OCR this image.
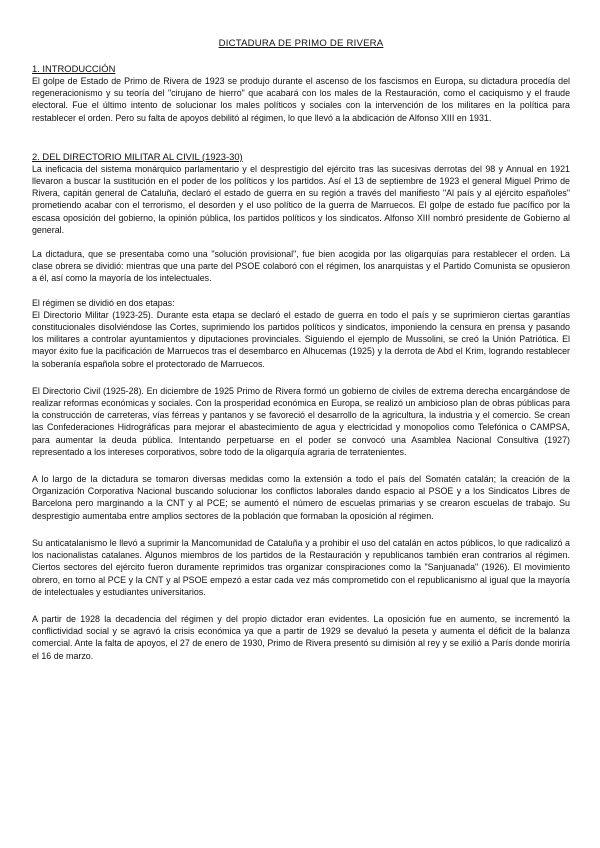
DICTADURA DE PRIMO DE RIVERA
1. INTRODUCCIÓN

El golpe de Estado de Primo de Rivera de 1923 se produjo durante el ascenso de los fascismos en Europa, su dictadura procedía del regeneracionismo y su teoría del "cirujano de hierro" que acabará con los males de la Restauración, como el caciquismo y el fraude electoral. Fue el último intento de solucionar los males políticos y sociales con la intervención de los militares en la política para restablecer el orden. Pero su falta de apoyos debilitó al régimen, lo que llevó a la abdicación de Alfonso XIII en 1931.

2. DEL DIRECTORIO MILITAR AL CIVIL (1923-30)

La ineficacia del sistema monárquico parlamentario y el desprestigio del ejército tras las sucesivas derrotas del 98 y Annual en 1921 llevaron a buscar la sustitución en el poder de los políticos y los partidos. Así el 13 de septiembre de 1923 el general Miguel Primo de Rivera, capitán general de Cataluña, declaró el estado de guerra en su región a través del manifiesto "Al país y al ejército españoles" prometiendo acabar con el terrorismo, el desorden y el uso político de la guerra de Marruecos. El golpe de estado fue pacífico por la escasa oposición del gobierno, la opinión pública, los partidos políticos y los sindicatos. Alfonso XIII nombró presidente de Gobierno al general.

La dictadura, que se presentaba como una "solución provisional", fue bien acogida por las oligarquías para restablecer el orden. La clase obrera se dividió: mientras que una parte del PSOE colaboró con el régimen, los anarquistas y el Partido Comunista se opusieron a él, así como la mayoría de los intelectuales.

El régimen se dividió en dos etapas:

El Directorio Militar (1923-25). Durante esta etapa se declaró el estado de guerra en todo el país y se suprimieron ciertas garantías constitucionales disolviéndose las Cortes, suprimiendo los partidos políticos y sindicatos, imponiendo la censura en prensa y pasando los militares a controlar ayuntamientos y diputaciones provinciales. Siguiendo el ejemplo de Mussolini, se creó la Unión Patriótica. El mayor éxito fue la pacificación de Marruecos tras el desembarco en Alhucemas (1925) y la derrota de Abd el Krim, logrando restablecer la soberanía española sobre el protectorado de Marruecos.

El Directorio Civil (1925-28). En diciembre de 1925 Primo de Rivera formó un gobierno de civiles de extrema derecha encargándose de realizar reformas económicas y sociales. Con la prosperidad económica en Europa, se realizó un ambicioso plan de obras públicas para la construcción de carreteras, vías férreas y pantanos y se favoreció el desarrollo de la agricultura, la industria y el comercio. Se crean las Confederaciones Hidrográficas para mejorar el abastecimiento de agua y electricidad y monopolios como Telefónica o CAMPSA, para aumentar la deuda pública. Intentando perpetuarse en el poder se convocó una Asamblea Nacional Consultiva (1927) representado a los intereses corporativos, sobre todo de la oligarquía agraria de terratenientes.

A lo largo de la dictadura se tomaron diversas medidas como la extensión a todo el país del Somatén catalán; la creación de la Organización Corporativa Nacional buscando solucionar los conflictos laborales dando espacio al PSOE y a los Sindicatos Libres de Barcelona pero marginando a la CNT y al PCE; se aumentó el número de escuelas primarias y se crearon escuelas de trabajo. Su desprestigio aumentaba entre amplios sectores de la población que formaban la oposición al régimen.

Su anticatalanismo le llevó a suprimir la Mancomunidad de Cataluña y a prohibir el uso del catalán en actos públicos, lo que radicalizó a los nacionalistas catalanes. Algunos miembros de los partidos de la Restauración y republicanos también eran contrarios al régimen. Ciertos sectores del ejército fueron duramente reprimidos tras organizar conspiraciones como la "Sanjuanada" (1926). El movimiento obrero, en torno al PCE y la CNT y al PSOE empezó a estar cada vez más comprometido con el republicanismo al igual que la mayoría de intelectuales y estudiantes universitarios.

A partir de 1928 la decadencia del régimen y del propio dictador eran evidentes. La oposición fue en aumento, se incrementó la conflictividad social y se agravó la crisis económica ya que a partir de 1929 se devaluó la peseta y aumenta el déficit de la balanza comercial. Ante la falta de apoyos, el 27 de enero de 1930, Primo de Rivera presentó su dimisión al rey y se exilió a París donde moriría el 16 de marzo.
